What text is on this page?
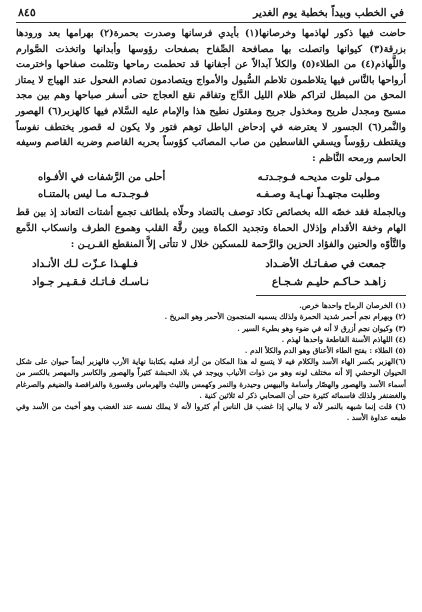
في الخطب وبيداً بخطبة يوم الغدير
٨٤٥

حاضت فيها ذكور لهاذمها وخرصانها(١) بأيدي فرسانها وصدرت بحمرة(٢) بهرامها بعد ورودها بزرقة(٣) كيوانها واتصلت بها مصافحة الصِّفاح بصفحات رؤوسها وأبدانها واتخذت الصَّوارم واللَّهاذم(٤) من الطلاء(٥) والكلأ آبدالاً عن أجفانها قد تحطمت رماحها وتثلمت صفاحها واخترمت أرواحها بالنَّاس فيها يتلاطمون تلاطم السُّيول والأمواج ويتصادمون تصادم الفحول عند الهياج لا يمتاز المحق من المبطل لتراكم ظلام الليل الدَّاج وتفاقم نقع العجاج حتى أسفر صباحها وهم بين مجد مسيح ومجدل طريح ومخذول جريح ومقتول نطيح هذا والإمام عليه السَّلام فيها كالهزبر(٦) الهصور والنَّمر(٦) الجسور لا يعترضه في إدحاض الباطل توهم فتور ولا يكون له قصور يختطف نفوساً ويقتطف رؤوساً ويسقي القاسطين من صاب المصائب كؤوساً بحربه القاصم وضربه القاصم وسيفه الحاسم ورمحه النَّاظم :

مـولى تلوت مديحـه فـوجـدتـه
أحلى من الرَّشفات في الأفـواه
وطلبت مجتهـداً نهـايـة وصـفـه
فـوجـدتـه مـا ليس بالمتنـاه

وبالجملة فقد خصّه الله بخصائص تكاد توصف بالتضاد وحلّاه بلطائف تجمع أشتات التعاند إذ بين قط الهام وخفة الأقدام وإذلال الحماة وتجديد الكماة وبين رقَّة القلب وهموع الطرف وانسكاب الدَّمع والتَّأوّه والحنين والفؤاد الحزين والرَّحمة للمسكين خلال لا تتأتى إلاَّ المنقطع القـريـن :

جمعت في صفـاتـك الأضـداد
فـلهـذا عـزّت لـك الأنـداد
زاهـد حـاكـم حليـم شـجـاع
نـاسـك فـاتـك فـقـيـر جـواد

(١) الخرصان الرماح واحدها خرص.

(٢) وبهرام نجم أحمر شديد الحمرة ولذلك يسميه المنجمون الأحمر وهو المريخ .

(٣) وكيوان نجم أزرق لا أنه في ضوء وهو بطيء السير .

(٤) اللهاذم الأسنة القاطعة واحدها لهذم .

(٥) الطلاء : بفتح الطاء الأعناق وهو الدم والكلأ الدم .

(٦)الهزبر بكسر الهاء الأسد والكلام فيه لا يتسع له هذا المكان من أراد فعليه بكتابنا نهاية الأرب فالهزبر أيضاً حيوان على شكل الحيوان الوحشي إلا أنه مختلف لونه وهو من ذوات الأنياب ويوجد في بلاد الحبشة كثيراً والهصور والكاسر والمهصر بالكسر من أسماء الأسد والهصور والهصّار وأسامة والبيهس وحيدرة والنمر وكهمس والليث والهرماس وقسورة والفرافصة والضيغم والصرغام والغضنفر ولذلك فاسمائه كثيرة حتى أن الصحابي ذكر له ثلاثين كنية .

(٦) قلت إنما شبهه بالنمر لأنه لا يبالي إذا غضب قل الناس أم كثروا لأنه لا يملك نفسه عند الغضب وهو أخبث من الأسد وفي طبعه عداوة الأسد .
